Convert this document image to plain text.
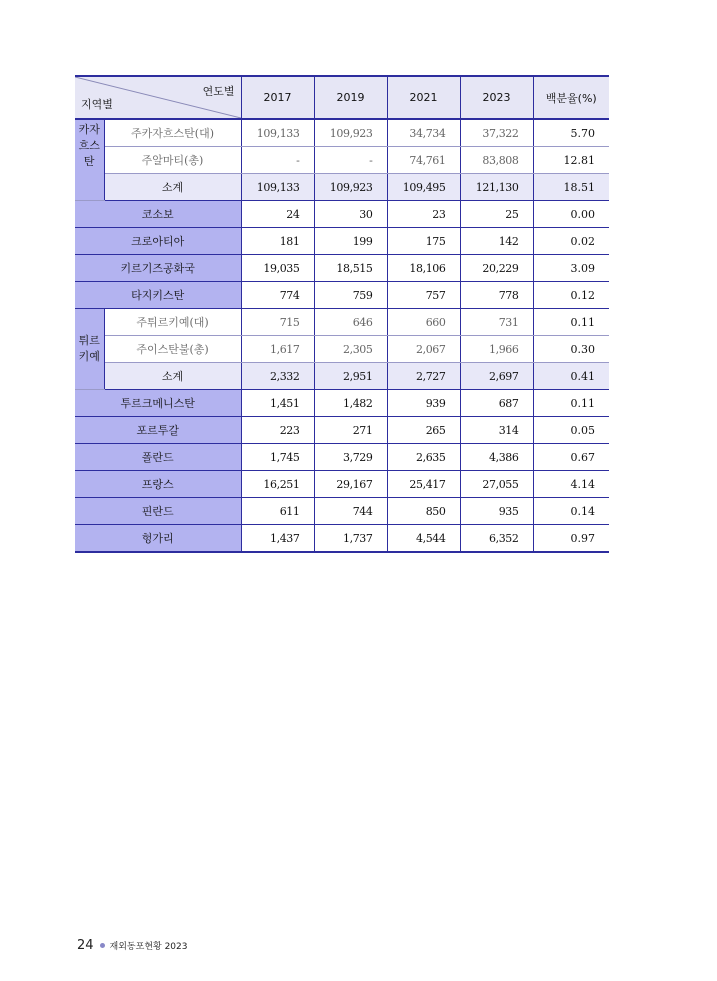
연도별
지역별		2017	2019	2021	2023	백분율(%)

카자
흐스
탄	주카자흐스탄(대)	109,133	109,923	34,734	37,322	5.70
	주알마티(총)	-	-	74,761	83,808	12.81
	소계	109,133	109,923	109,495	121,130	18.51
코소보		24	30	23	25	0.00
크로아티아		181	199	175	142	0.02
키르기즈공화국		19,035	18,515	18,106	20,229	3.09
타지키스탄		774	759	757	778	0.12

튀르
키예	주튀르키예(대)	715	646	660	731	0.11
	주이스탄불(총)	1,617	2,305	2,067	1,966	0.30
	소계	2,332	2,951	2,727	2,697	0.41
투르크메니스탄		1,451	1,482	939	687	0.11
포르투갈		223	271	265	314	0.05
폴란드		1,745	3,729	2,635	4,386	0.67
프랑스		16,251	29,167	25,417	27,055	4.14
핀란드		611	744	850	935	0.14
헝가리		1,437	1,737	4,544	6,352	0.97
24 재외동포현황 2023
